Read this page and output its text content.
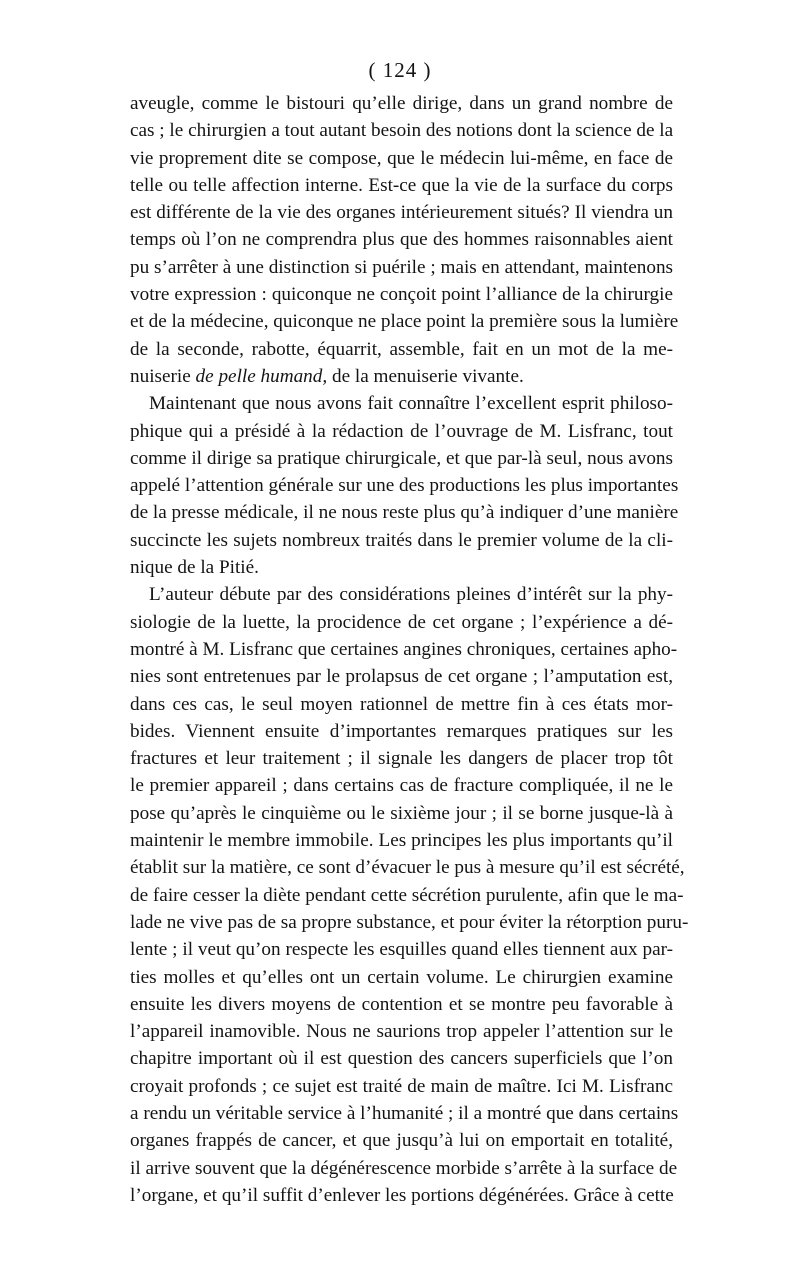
( 124 )
aveugle, comme le bistouri qu’elle dirige, dans un grand nombre de
cas ; le chirurgien a tout autant besoin des notions dont la science de la
vie proprement dite se compose, que le médecin lui-même, en face de
telle ou telle affection interne. Est-ce que la vie de la surface du corps
est différente de la vie des organes intérieurement situés? Il viendra un
temps où l’on ne comprendra plus que des hommes raisonnables aient
pu s’arrêter à une distinction si puérile ; mais en attendant, maintenons
votre expression : quiconque ne conçoit point l’alliance de la chirurgie
et de la médecine, quiconque ne place point la première sous la lumière
de la seconde, rabotte, équarrit, assemble, fait en un mot de la me-
nuiserie de pelle humand, de la menuiserie vivante.
Maintenant que nous avons fait connaître l’excellent esprit philoso-
phique qui a présidé à la rédaction de l’ouvrage de M. Lisfranc, tout
comme il dirige sa pratique chirurgicale, et que par-là seul, nous avons
appelé l’attention générale sur une des productions les plus importantes
de la presse médicale, il ne nous reste plus qu’à indiquer d’une manière
succincte les sujets nombreux traités dans le premier volume de la cli-
nique de la Pitié.
L’auteur débute par des considérations pleines d’intérêt sur la phy-
siologie de la luette, la procidence de cet organe ; l’expérience a dé-
montré à M. Lisfranc que certaines angines chroniques, certaines apho-
nies sont entretenues par le prolapsus de cet organe ; l’amputation est,
dans ces cas, le seul moyen rationnel de mettre fin à ces états mor-
bides. Viennent ensuite d’importantes remarques pratiques sur les
fractures et leur traitement ; il signale les dangers de placer trop tôt
le premier appareil ; dans certains cas de fracture compliquée, il ne le
pose qu’après le cinquième ou le sixième jour ; il se borne jusque-là à
maintenir le membre immobile. Les principes les plus importants qu’il
établit sur la matière, ce sont d’évacuer le pus à mesure qu’il est sécrété,
de faire cesser la diète pendant cette sécrétion purulente, afin que le ma-
lade ne vive pas de sa propre substance, et pour éviter la rétorption puru-
lente ; il veut qu’on respecte les esquilles quand elles tiennent aux par-
ties molles et qu’elles ont un certain volume. Le chirurgien examine
ensuite les divers moyens de contention et se montre peu favorable à
l’appareil inamovible. Nous ne saurions trop appeler l’attention sur le
chapitre important où il est question des cancers superficiels que l’on
croyait profonds ; ce sujet est traité de main de maître. Ici M. Lisfranc
a rendu un véritable service à l’humanité ; il a montré que dans certains
organes frappés de cancer, et que jusqu’à lui on emportait en totalité,
il arrive souvent que la dégénérescence morbide s’arrête à la surface de
l’organe, et qu’il suffit d’enlever les portions dégénérées. Grâce à cette
